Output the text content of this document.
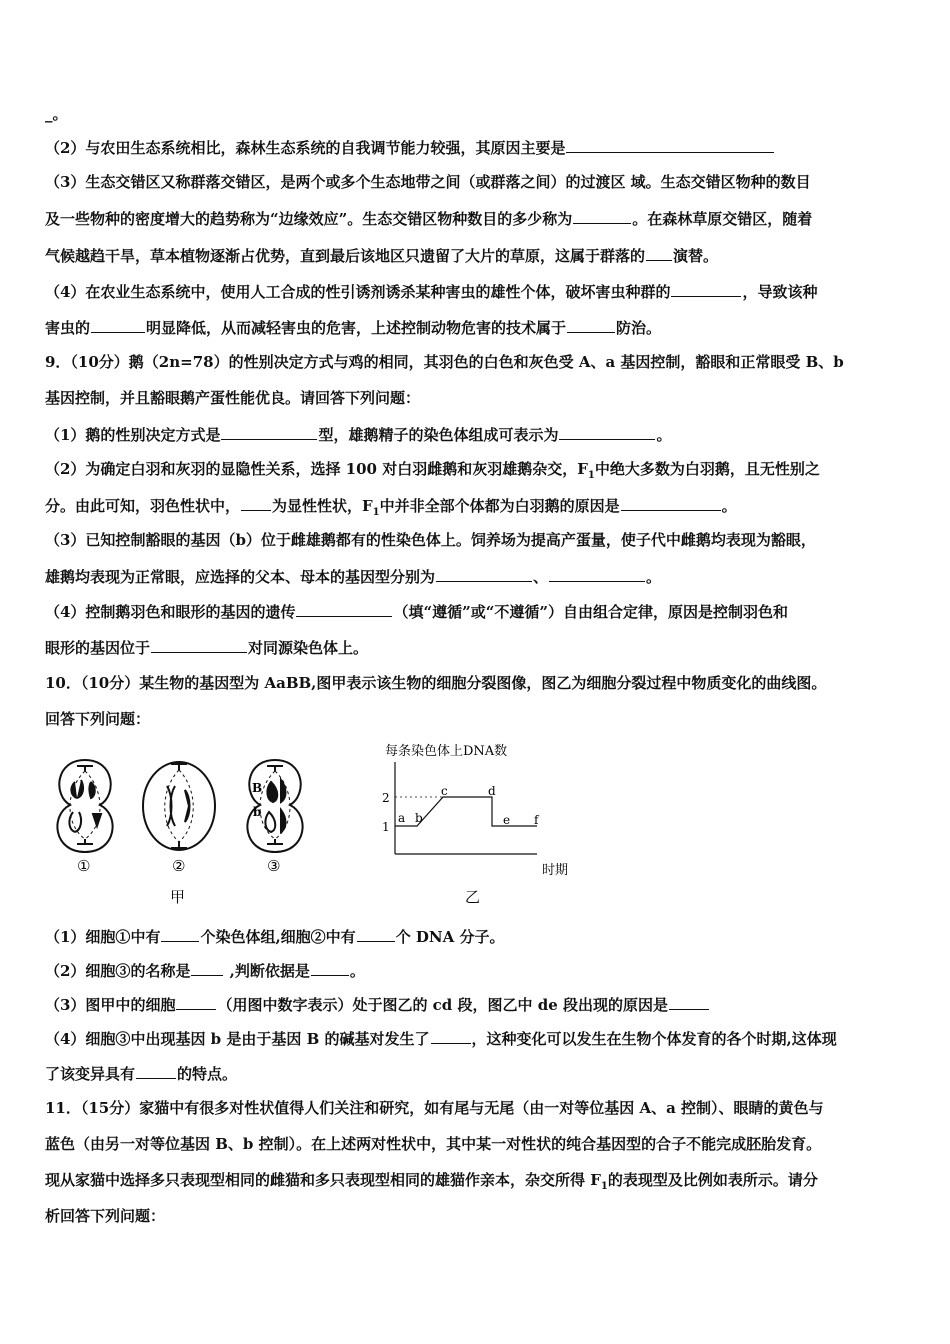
_。
（2）与农田生态系统相比，森林生态系统的自我调节能力较强，其原因主要是
（3）生态交错区又称群落交错区，是两个或多个生态地带之间（或群落之间）的过渡区 域。生态交错区物种的数目
及一些物种的密度增大的趋势称为“边缘效应”。生态交错区物种数目的多少称为	。在森林草原交错区，随着
气候越趋干旱，草本植物逐渐占优势，直到最后该地区只遗留了大片的草原，这属于群落的 演替。
（4）在农业生态系统中，使用人工合成的性引诱剂诱杀某种害虫的雄性个体，破坏害虫种群的	，导致该种
害虫的	明显降低，从而减轻害虫的危害，上述控制动物危害的技术属于	防治。
9．（10分）鹅（2n=78）的性别决定方式与鸡的相同，其羽色的白色和灰色受 A、a 基因控制，豁眼和正常眼受 B、b
基因控制，并且豁眼鹅产蛋性能优良。请回答下列问题：
（1）鹅的性别决定方式是	型，雄鹅精子的染色体组成可表示为	。
（2）为确定白羽和灰羽的显隐性关系，选择 100 对白羽雌鹅和灰羽雄鹅杂交，$F_1$中绝大多数为白羽鹅，且无性别之
分。由此可知，羽色性状中， 为显性性状，$F_1$中并非全部个体都为白羽鹅的原因是	。
（3）已知控制豁眼的基因（b）位于雌雄鹅都有的性染色体上。饲养场为提高产蛋量，使子代中雌鹅均表现为豁眼，
雄鹅均表现为正常眼，应选择的父本、母本的基因型分别为	、	。
（4）控制鹅羽色和眼形的基因的遗传	（填“遵循”或“不遵循”）自由组合定律，原因是控制羽色和
眼形的基因位于	对同源染色体上。
10．（10分）某生物的基因型为 AaBB,图甲表示该生物的细胞分裂图像，图乙为细胞分裂过程中物质变化的曲线图。
回答下列问题：
B
b
①	②	③
甲
每条染色体上DNA数
时期
1
2
a b
c	d
e f
乙
（1）细胞①中有	个染色体组,细胞②中有	个 DNA 分子。
（2）细胞③的名称是 ,判断依据是	。
（3）图甲中的细胞	（用图中数字表示）处于图乙的 cd 段，图乙中 de 段出现的原因是
（4）细胞③中出现基因 b 是由于基因 B 的碱基对发生了	，这种变化可以发生在生物个体发育的各个时期,这体现
了该变异具有	的特点。
11．（15分）家猫中有很多对性状值得人们关注和研究，如有尾与无尾（由一对等位基因 A、a 控制）、眼睛的黄色与
蓝色（由另一对等位基因 B、b 控制）。在上述两对性状中，其中某一对性状的纯合基因型的合子不能完成胚胎发育。
现从家猫中选择多只表现型相同的雌猫和多只表现型相同的雄猫作亲本，杂交所得 $F_1$的表现型及比例如表所示。请分
析回答下列问题：
